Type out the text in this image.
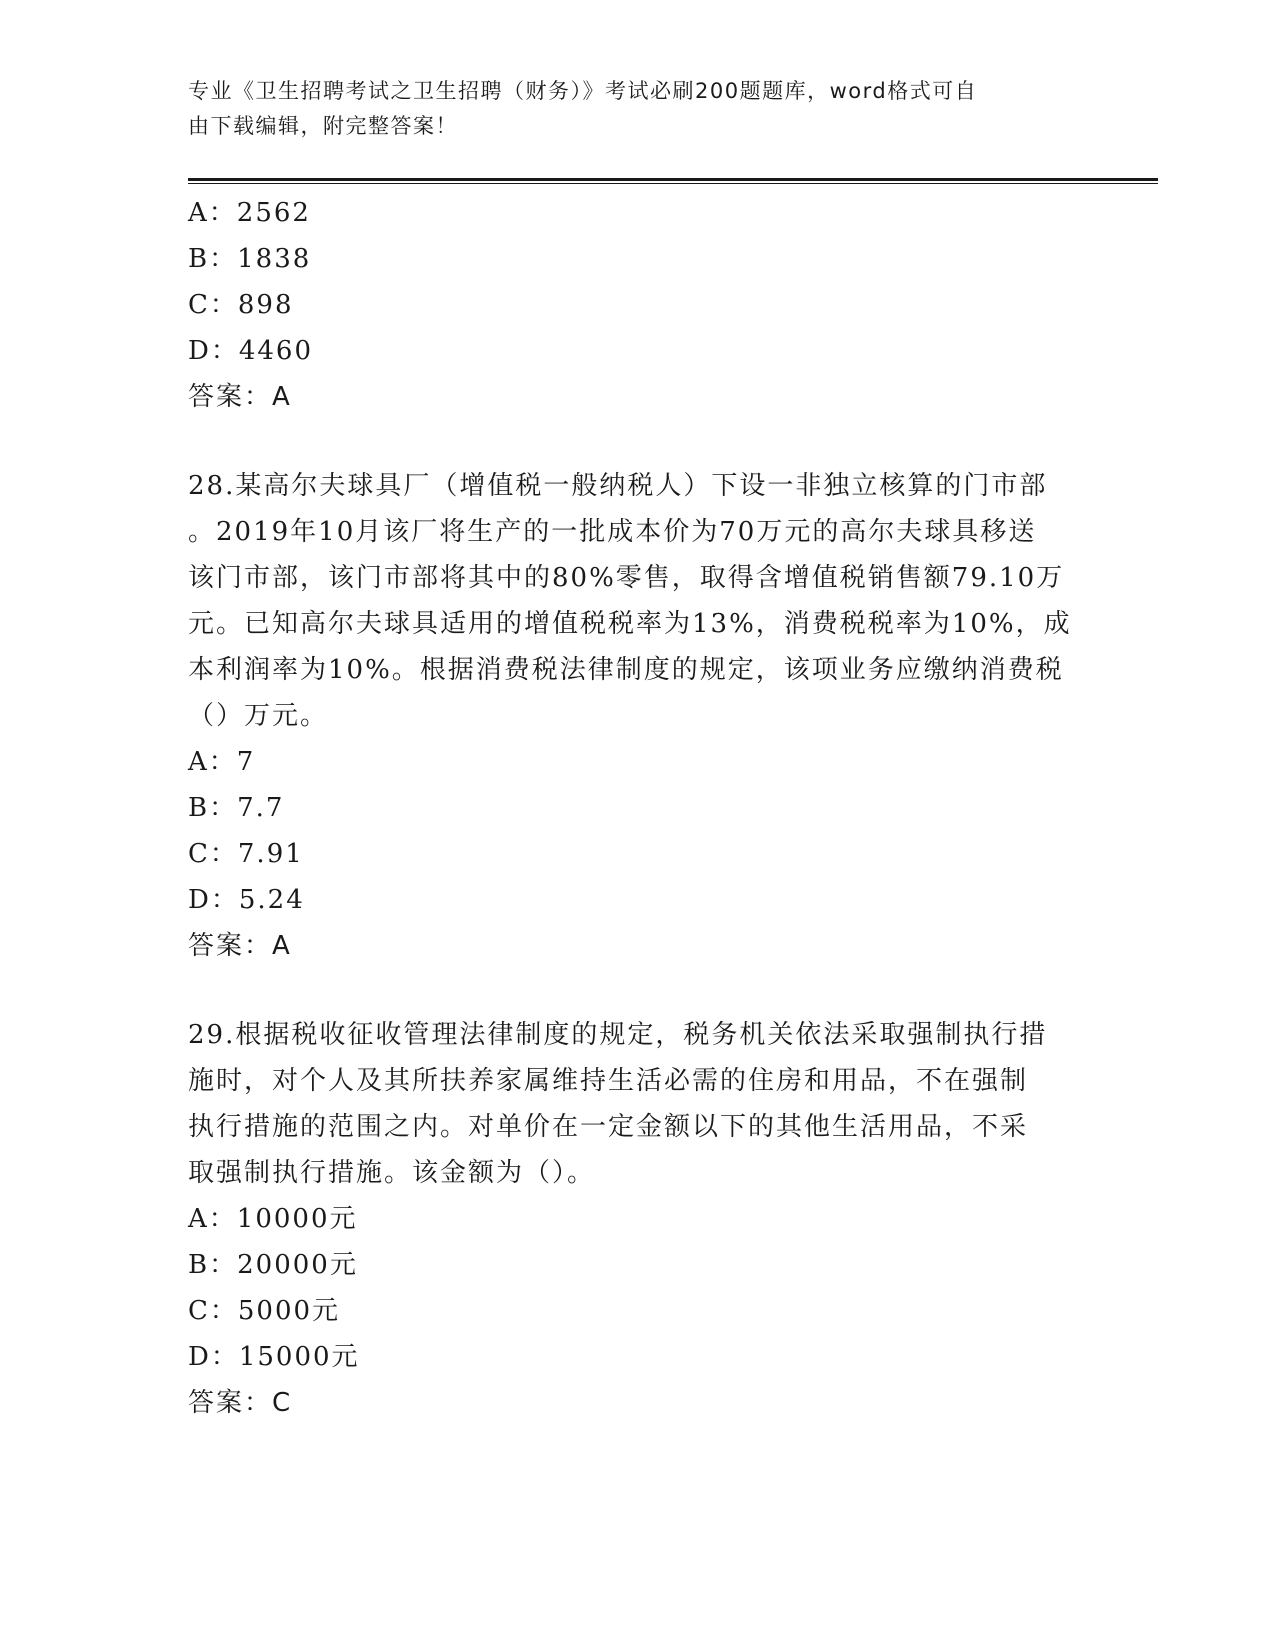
专业《卫生招聘考试之卫生招聘（财务）》考试必刷200题题库，word格式可自
由下载编辑，附完整答案！
A：2562
B：1838
C：898
D：4460
答案：A
28.某高尔夫球具厂（增值税一般纳税人）下设一非独立核算的门市部
。2019年10月该厂将生产的一批成本价为70万元的高尔夫球具移送
该门市部，该门市部将其中的80%零售，取得含增值税销售额79.10万
元。已知高尔夫球具适用的增值税税率为13%，消费税税率为10%，成
本利润率为10%。根据消费税法律制度的规定，该项业务应缴纳消费税
（）万元。
A：7
B：7.7
C：7.91
D：5.24
答案：A
29.根据税收征收管理法律制度的规定，税务机关依法采取强制执行措
施时，对个人及其所扶养家属维持生活必需的住房和用品，不在强制
执行措施的范围之内。对单价在一定金额以下的其他生活用品，不采
取强制执行措施。该金额为（）。
A：10000元
B：20000元
C：5000元
D：15000元
答案：C
